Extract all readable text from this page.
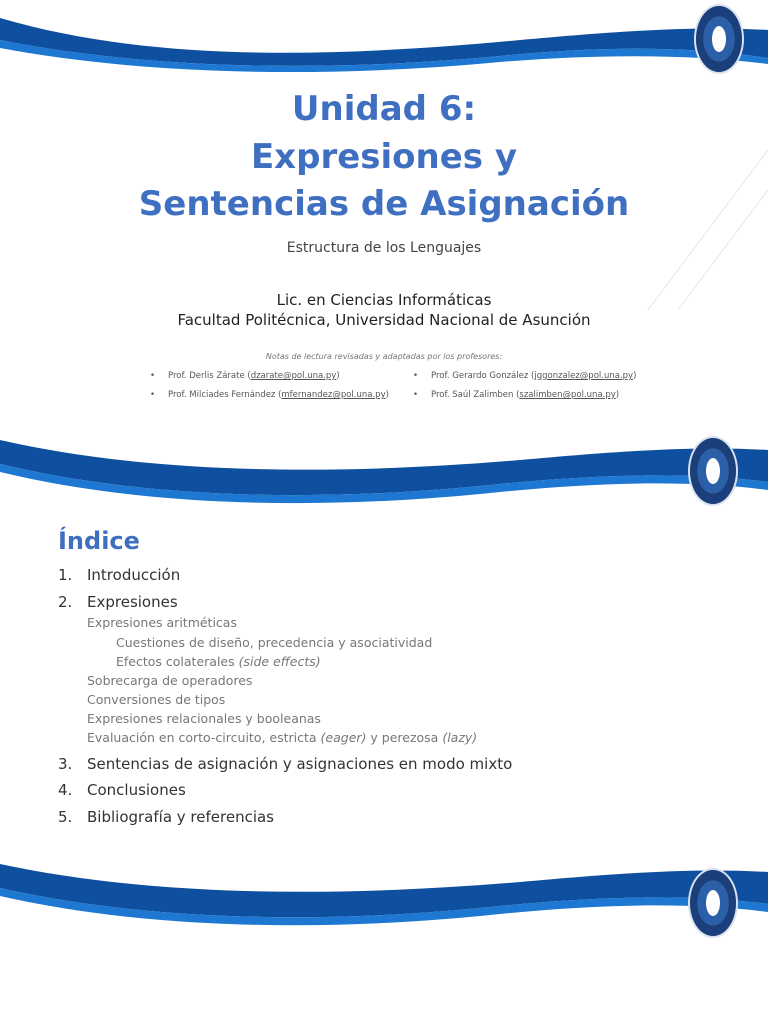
Unidad 6:
Expresiones y
Sentencias de Asignación
Estructura de los Lenguajes
Lic. en Ciencias Informáticas
Facultad Politécnica, Universidad Nacional de Asunción
Notas de lectura revisadas y adaptadas por los profesores:
• Prof. Derlis Zárate (dzarate@pol.una.py)	• Prof. Gerardo González (jggonzalez@pol.una.py)
• Prof. Milciades Fernández (mfernandez@pol.una.py)	• Prof. Saúl Zalimben (szalimben@pol.una.py)
Índice
1. Introducción
2. Expresiones
Expresiones aritméticas
Cuestiones de diseño, precedencia y asociatividad
Efectos colaterales (side effects)
Sobrecarga de operadores
Conversiones de tipos
Expresiones relacionales y booleanas
Evaluación en corto-circuito, estricta (eager) y perezosa (lazy)
3. Sentencias de asignación y asignaciones en modo mixto
4. Conclusiones
5. Bibliografía y referencias
